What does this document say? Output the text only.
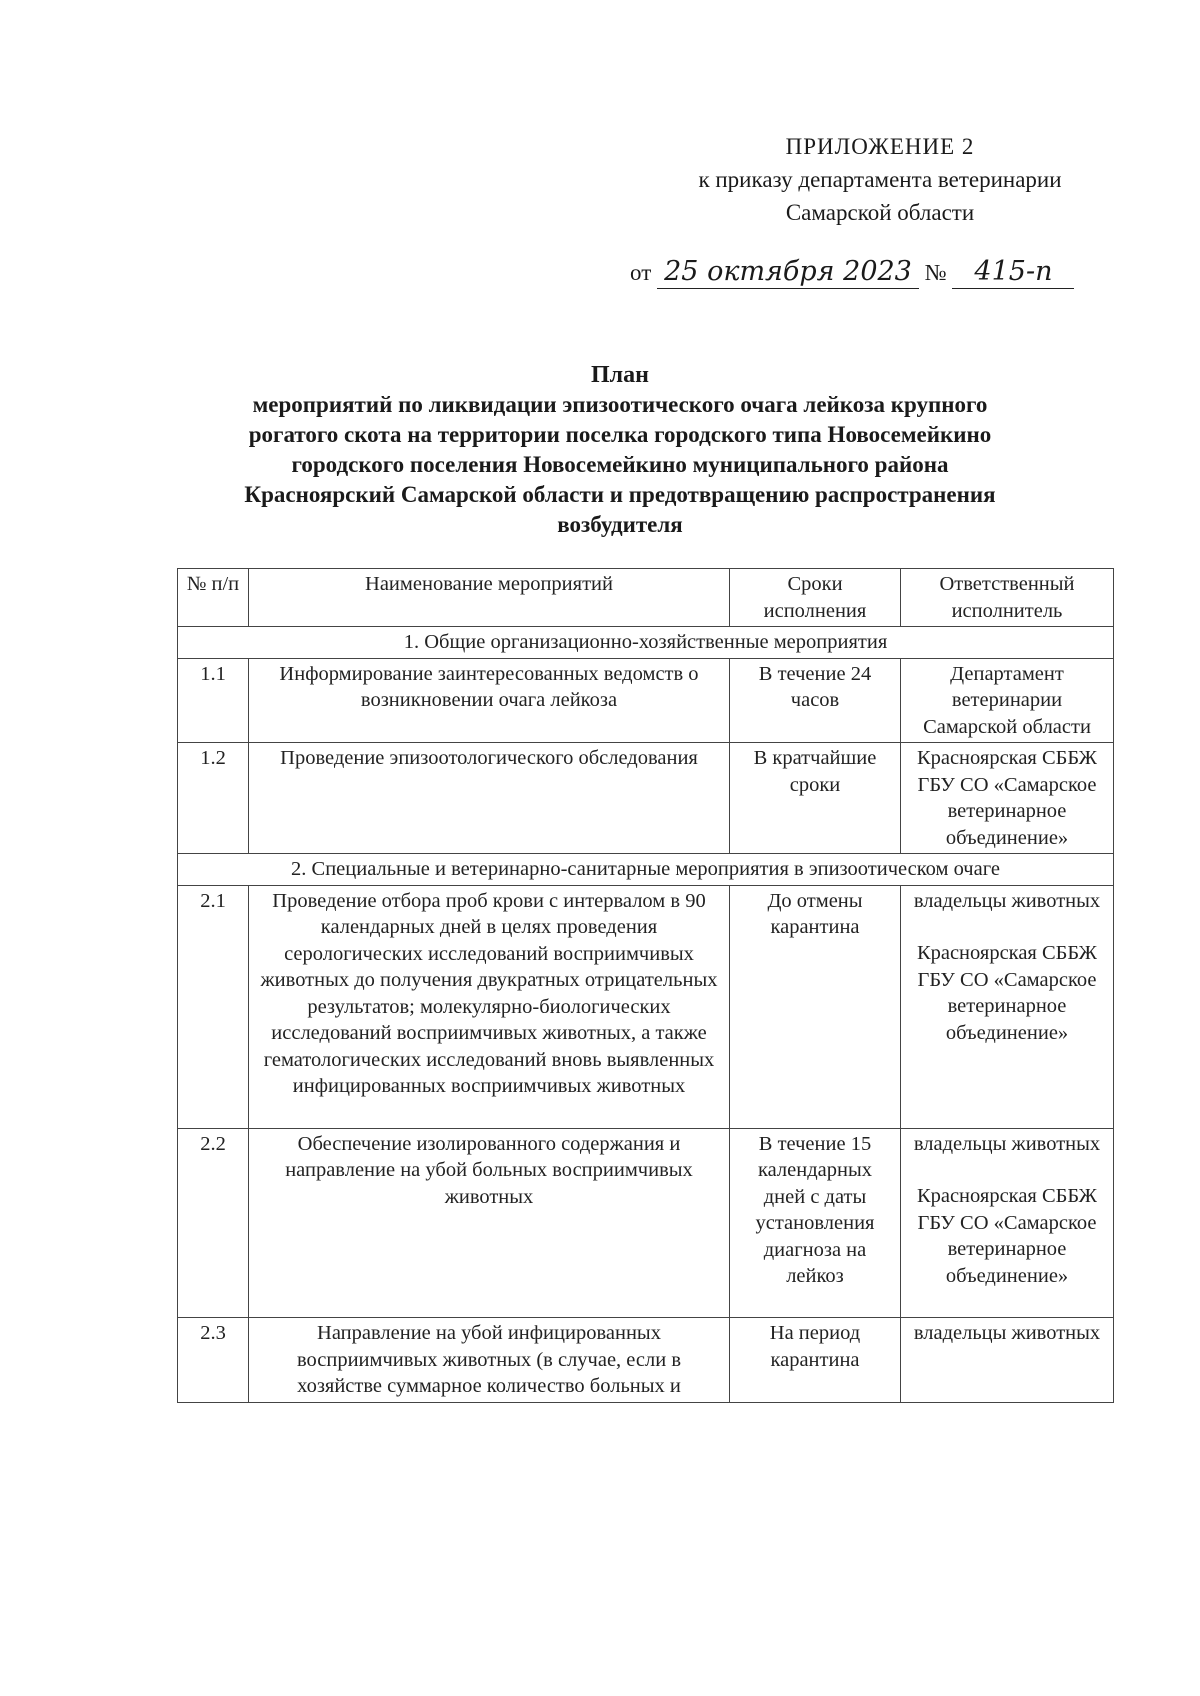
ПРИЛОЖЕНИЕ 2
к приказу департамента ветеринарии
Самарской области
от 25 октября 2023 № 415-п
План
мероприятий по ликвидации эпизоотического очага лейкоза крупного
рогатого скота на территории поселка городского типа Новосемейкино
городского поселения Новосемейкино муниципального района
Красноярский Самарской области и предотвращению распространения
возбудителя
№ п/п	Наименование мероприятий	Сроки исполнения	Ответственный исполнитель
1. Общие организационно-хозяйственные мероприятия			
1.1	Информирование заинтересованных ведомств о возникновении очага лейкоза	В течение 24 часов	Департамент ветеринарии Самарской области

1.2	Проведение эпизоотологического обследования	В кратчайшие сроки	Красноярская СББЖ ГБУ СО «Самарское ветеринарное объединение»

2. Специальные и ветеринарно-санитарные мероприятия в эпизоотическом очаге			
2.1	Проведение отбора проб крови с интервалом в 90 календарных дней в целях проведения серологических исследований восприимчивых животных до получения двукратных отрицательных результатов; молекулярно-биологических исследований восприимчивых животных, а также гематологических исследований вновь выявленных инфицированных восприимчивых животных	До отмены карантина	владельцы животных
Красноярская СББЖ ГБУ СО «Самарское ветеринарное объединение»

2.2	Обеспечение изолированного содержания и направление на убой больных восприимчивых животных	В течение 15 календарных дней с даты установления диагноза на лейкоз	владельцы животных
Красноярская СББЖ ГБУ СО «Самарское ветеринарное объединение»

2.3	Направление на убой инфицированных восприимчивых животных (в случае, если в хозяйстве суммарное количество больных и	На период карантина	владельцы животных
